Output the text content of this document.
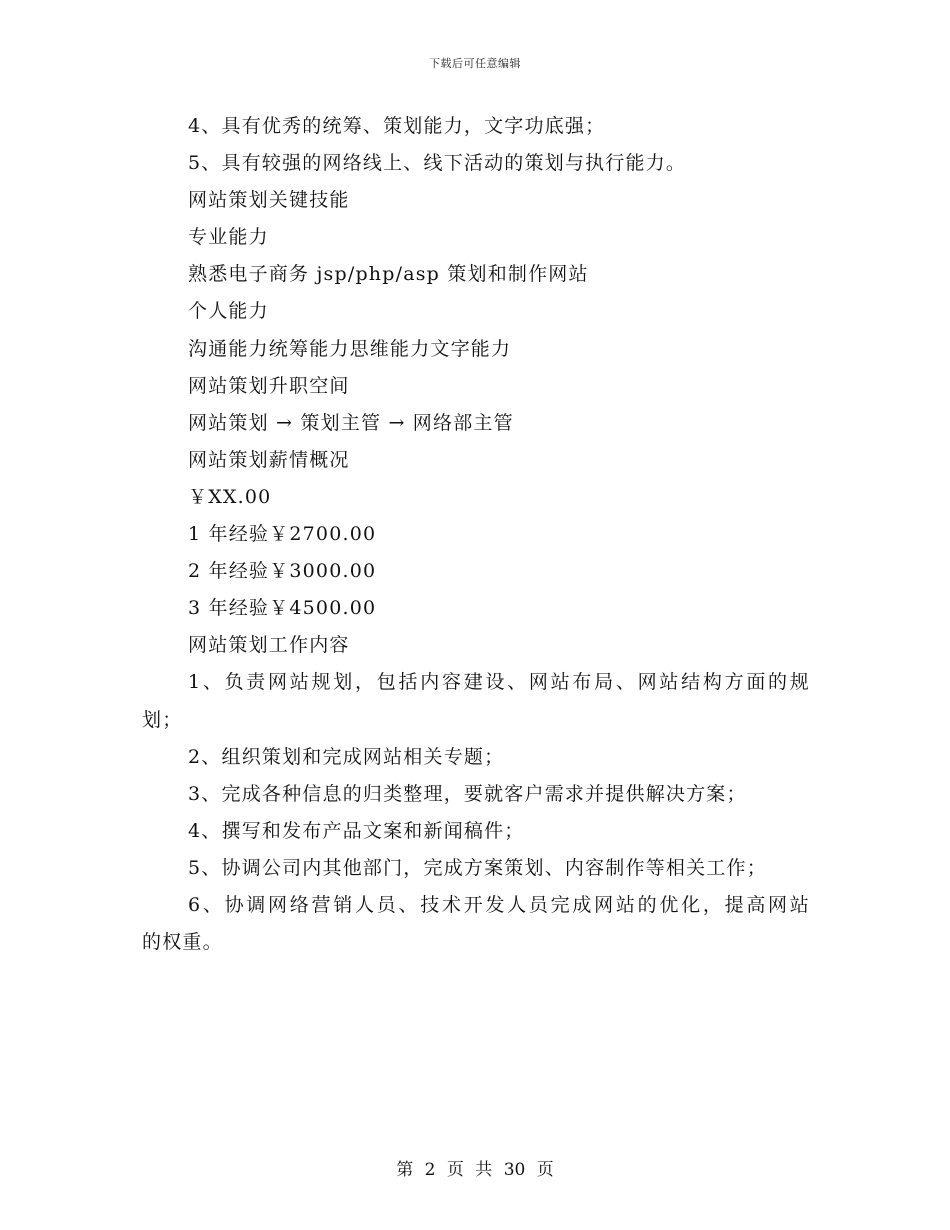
下载后可任意编辑
4、具有优秀的统筹、策划能力，文字功底强；
5、具有较强的网络线上、线下活动的策划与执行能力。
网站策划关键技能
专业能力
熟悉电子商务 jsp/php/asp 策划和制作网站
个人能力
沟通能力统筹能力思维能力文字能力
网站策划升职空间
网站策划 → 策划主管 → 网络部主管
网站策划薪情概况
￥XX.00
1 年经验￥2700.00
2 年经验￥3000.00
3 年经验￥4500.00
网站策划工作内容
1、负责网站规划，包括内容建设、网站布局、网站结构方面的规
划；
2、组织策划和完成网站相关专题；
3、完成各种信息的归类整理，要就客户需求并提供解决方案；
4、撰写和发布产品文案和新闻稿件；
5、协调公司内其他部门，完成方案策划、内容制作等相关工作；
6、协调网络营销人员、技术开发人员完成网站的优化，提高网站
的权重。
第 2 页 共 30 页
